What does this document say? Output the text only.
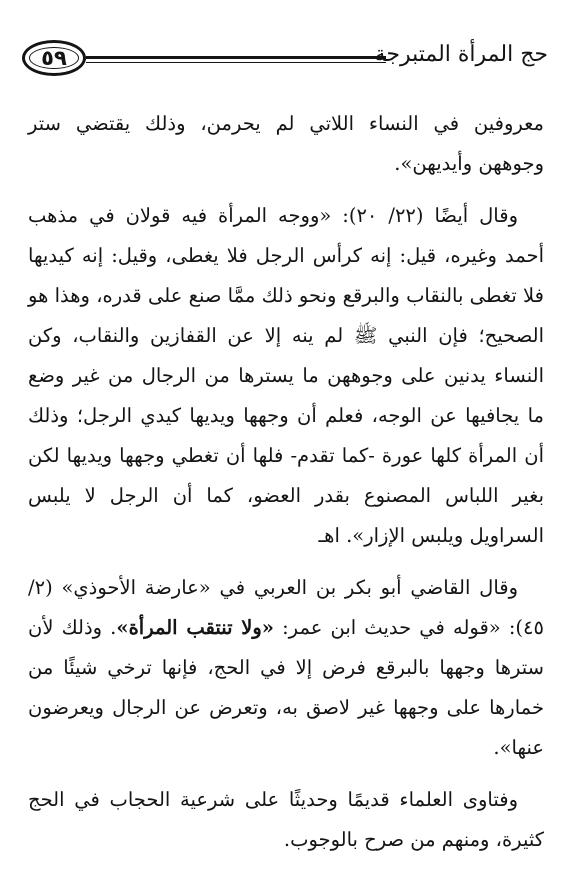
٥٩	حج المرأة المتبرجة

معروفين في النساء اللاتي لم يحرمن، وذلك يقتضي ستر وجوههن وأيديهن».

وقال أيضًا (٢٢/ ٢٠): «ووجه المرأة فيه قولان في مذهب أحمد وغيره، قيل: إنه كرأس الرجل فلا يغطى، وقيل: إنه كيديها فلا تغطى بالنقاب والبرقع ونحو ذلك ممَّا صنع على قدره، وهذا هو الصحيح؛ فإن النبي ﷺ لم ينه إلا عن القفازين والنقاب، وكن النساء يدنين على وجوههن ما يسترها من الرجال من غير وضع ما يجافيها عن الوجه، فعلم أن وجهها ويديها كيدي الرجل؛ وذلك أن المرأة كلها عورة -كما تقدم- فلها أن تغطي وجهها ويديها لكن بغير اللباس المصنوع بقدر العضو، كما أن الرجل لا يلبس السراويل ويلبس الإزار». اهـ

وقال القاضي أبو بكر بن العربي في «عارضة الأحوذي» (٢/ ٤٥): «قوله في حديث ابن عمر: «ولا تنتقب المرأة». وذلك لأن سترها وجهها بالبرقع فرض إلا في الحج، فإنها ترخي شيئًا من خمارها على وجهها غير لاصق به، وتعرض عن الرجال ويعرضون عنها».

وفتاوى العلماء قديمًا وحديثًا على شرعية الحجاب في الحج كثيرة، ومنهم من صرح بالوجوب.
